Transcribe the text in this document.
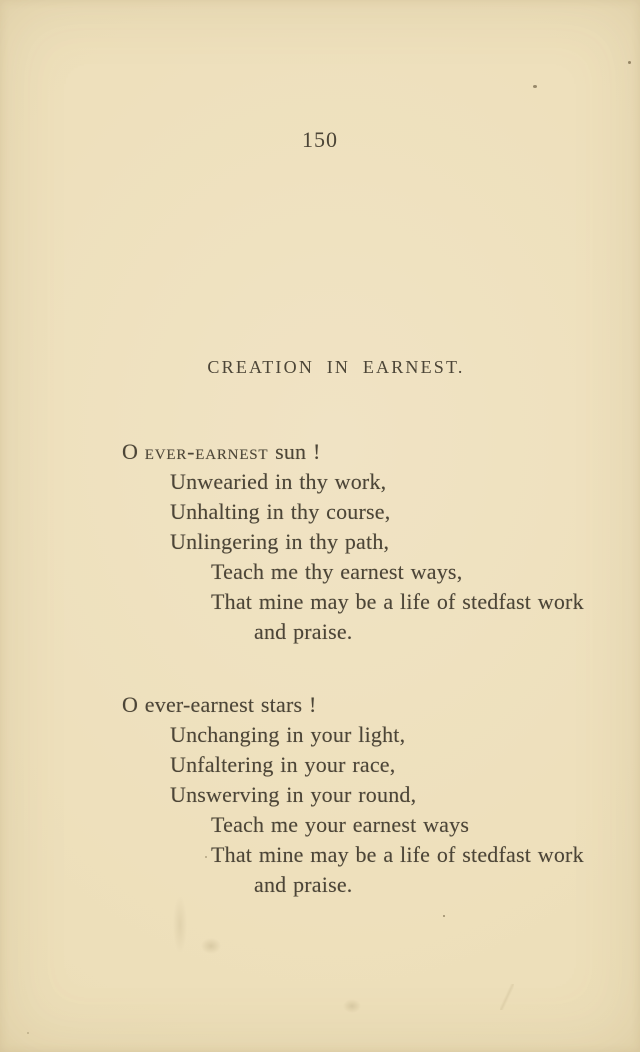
150
CREATION IN EARNEST.

O ever-earnest sun !

Unwearied in thy work,

Unhalting in thy course,

Unlingering in thy path,

Teach me thy earnest ways,

That mine may be a life of stedfast work

and praise.

O ever-earnest stars !

Unchanging in your light,

Unfaltering in your race,

Unswerving in your round,

Teach me your earnest ways

That mine may be a life of stedfast work

and praise.
